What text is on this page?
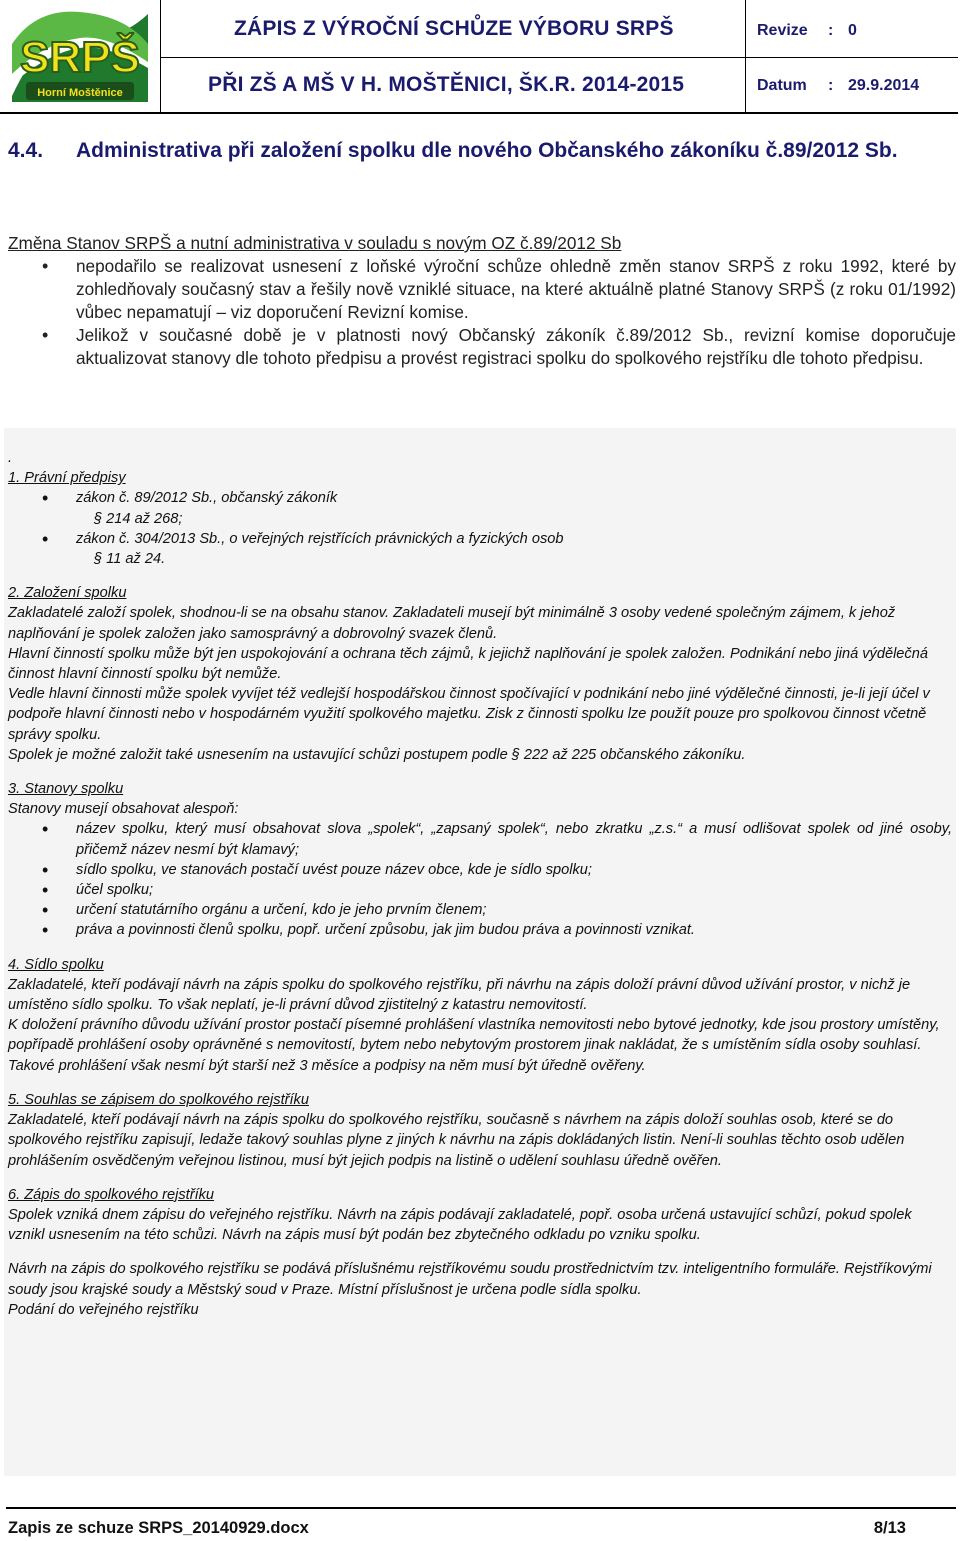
SRPŠ
Horní Moštěnice
ZÁPIS Z VÝROČNÍ SCHŮZE VÝBORU SRPŠ
PŘI ZŠ A MŠ V H. MOŠTĚNICI, ŠK.R. 2014-2015
Revize : 0
Datum : 29.9.2014
4.4. Administrativa při založení spolku dle nového Občanského zákoníku č.89/2012 Sb.
Změna Stanov SRPŠ a nutní administrativa v souladu s novým OZ č.89/2012 Sb
• nepodařilo se realizovat usnesení z loňské výroční schůze ohledně změn stanov SRPŠ z roku 1992, které by zohledňovaly současný stav a řešily nově vzniklé situace, na které aktuálně platné Stanovy SRPŠ (z roku 01/1992) vůbec nepamatují – viz doporučení Revizní komise.
• Jelikož v současné době je v platnosti nový Občanský zákoník č.89/2012 Sb., revizní komise doporučuje aktualizovat stanovy dle tohoto předpisu a provést registraci spolku do spolkového rejstříku dle tohoto předpisu.
.
1. Právní předpisy
• zákon č. 89/2012 Sb., občanský zákoník
§ 214 až 268;
• zákon č. 304/2013 Sb., o veřejných rejstřících právnických a fyzických osob
§ 11 až 24.
2. Založení spolku

Zakladatelé založí spolek, shodnou-li se na obsahu stanov. Zakladateli musejí být minimálně 3 osoby vedené společným zájmem, k jehož naplňování je spolek založen jako samosprávný a dobrovolný svazek členů.

Hlavní činností spolku může být jen uspokojování a ochrana těch zájmů, k jejichž naplňování je spolek založen. Podnikání nebo jiná výdělečná činnost hlavní činností spolku být nemůže.

Vedle hlavní činnosti může spolek vyvíjet též vedlejší hospodářskou činnost spočívající v podnikání nebo jiné výdělečné činnosti, je-li její účel v podpoře hlavní činnosti nebo v hospodárném využití spolkového majetku. Zisk z činnosti spolku lze použít pouze pro spolkovou činnost včetně správy spolku.

Spolek je možné založit také usnesením na ustavující schůzi postupem podle § 222 až 225 občanského zákoníku.

3. Stanovy spolku

Stanovy musejí obsahovat alespoň:

• název spolku, který musí obsahovat slova „spolek“, „zapsaný spolek“, nebo zkratku „z.s.“ a musí odlišovat spolek od jiné osoby, přičemž název nesmí být klamavý;
• sídlo spolku, ve stanovách postačí uvést pouze název obce, kde je sídlo spolku;
• účel spolku;
• určení statutárního orgánu a určení, kdo je jeho prvním členem;
• práva a povinnosti členů spolku, popř. určení způsobu, jak jim budou práva a povinnosti vznikat.
4. Sídlo spolku

Zakladatelé, kteří podávají návrh na zápis spolku do spolkového rejstříku, při návrhu na zápis doloží právní důvod užívání prostor, v nichž je umístěno sídlo spolku. To však neplatí, je-li právní důvod zjistitelný z katastru nemovitostí.

K doložení právního důvodu užívání prostor postačí písemné prohlášení vlastníka nemovitosti nebo bytové jednotky, kde jsou prostory umístěny, popřípadě prohlášení osoby oprávněné s nemovitostí, bytem nebo nebytovým prostorem jinak nakládat, že s umístěním sídla osoby souhlasí. Takové prohlášení však nesmí být starší než 3 měsíce a podpisy na něm musí být úředně ověřeny.

5. Souhlas se zápisem do spolkového rejstříku

Zakladatelé, kteří podávají návrh na zápis spolku do spolkového rejstříku, současně s návrhem na zápis doloží souhlas osob, které se do spolkového rejstříku zapisují, ledaže takový souhlas plyne z jiných k návrhu na zápis dokládaných listin. Není-li souhlas těchto osob udělen prohlášením osvědčeným veřejnou listinou, musí být jejich podpis na listině o udělení souhlasu úředně ověřen.

6. Zápis do spolkového rejstříku

Spolek vzniká dnem zápisu do veřejného rejstříku. Návrh na zápis podávají zakladatelé, popř. osoba určená ustavující schůzí, pokud spolek vznikl usnesením na této schůzi. Návrh na zápis musí být podán bez zbytečného odkladu po vzniku spolku.

Návrh na zápis do spolkového rejstříku se podává příslušnému rejstříkovému soudu prostřednictvím tzv. inteligentního formuláře. Rejstříkovými soudy jsou krajské soudy a Městský soud v Praze. Místní příslušnost je určena podle sídla spolku.

Podání do veřejného rejstříku

Zapis ze schuze SRPS_20140929.docx	8/13
